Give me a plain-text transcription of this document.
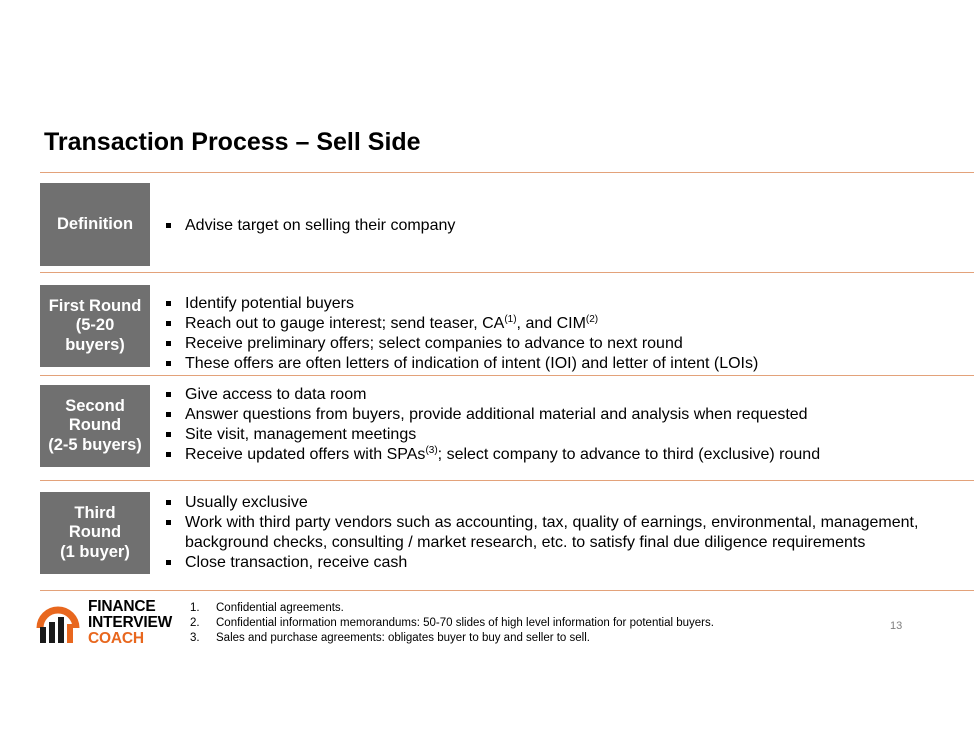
Transaction Process – Sell Side
Definition	Advise target on selling their company
First Round
(5-20
buyers)
Identify potential buyers
Reach out to gauge interest; send teaser, CA$^{(1)}$, and CIM$^{(2)}$
Receive preliminary offers; select companies to advance to next round
These offers are often letters of indication of intent (IOI) and letter of intent (LOIs)
Second
Round
(2-5 buyers)
Give access to data room
Answer questions from buyers, provide additional material and analysis when requested
Site visit, management meetings
Receive updated offers with SPAs$^{(3)}$; select company to advance to third (exclusive) round
Third
Round
(1 buyer)
Usually exclusive
Work with third party vendors such as accounting, tax, quality of earnings, environmental, management, background checks, consulting / market research, etc. to satisfy final due diligence requirements
Close transaction, receive cash
FINANCE
INTERVIEW
COACH
1. Confidential agreements.
2. Confidential information memorandums: 50-70 slides of high level information for potential buyers.
3. Sales and purchase agreements: obligates buyer to buy and seller to sell.
13
